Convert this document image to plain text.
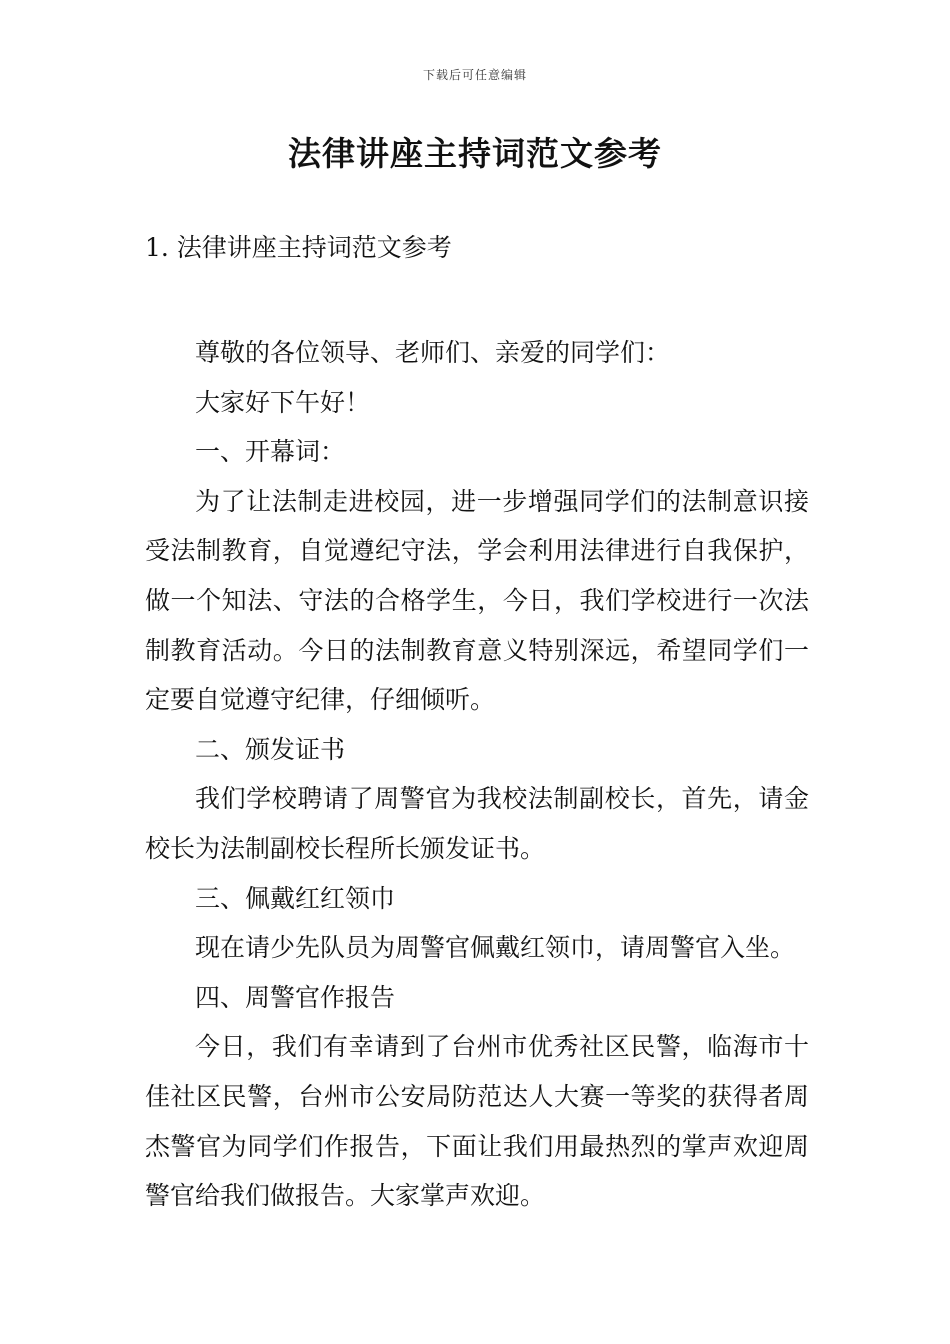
下载后可任意编辑
法律讲座主持词范文参考
1. 法律讲座主持词范文参考

尊敬的各位领导、老师们、亲爱的同学们：

大家好下午好！

一、开幕词：

为了让法制走进校园，进一步增强同学们的法制意识接受法制教育，自觉遵纪守法，学会利用法律进行自我保护，做一个知法、守法的合格学生，今日，我们学校进行一次法制教育活动。今日的法制教育意义特别深远，希望同学们一定要自觉遵守纪律，仔细倾听。

二、颁发证书

我们学校聘请了周警官为我校法制副校长，首先，请金校长为法制副校长程所长颁发证书。

三、佩戴红红领巾

现在请少先队员为周警官佩戴红领巾，请周警官入坐。

四、周警官作报告

今日，我们有幸请到了台州市优秀社区民警，临海市十佳社区民警，台州市公安局防范达人大赛一等奖的获得者周杰警官为同学们作报告，下面让我们用最热烈的掌声欢迎周警官给我们做报告。大家掌声欢迎。
